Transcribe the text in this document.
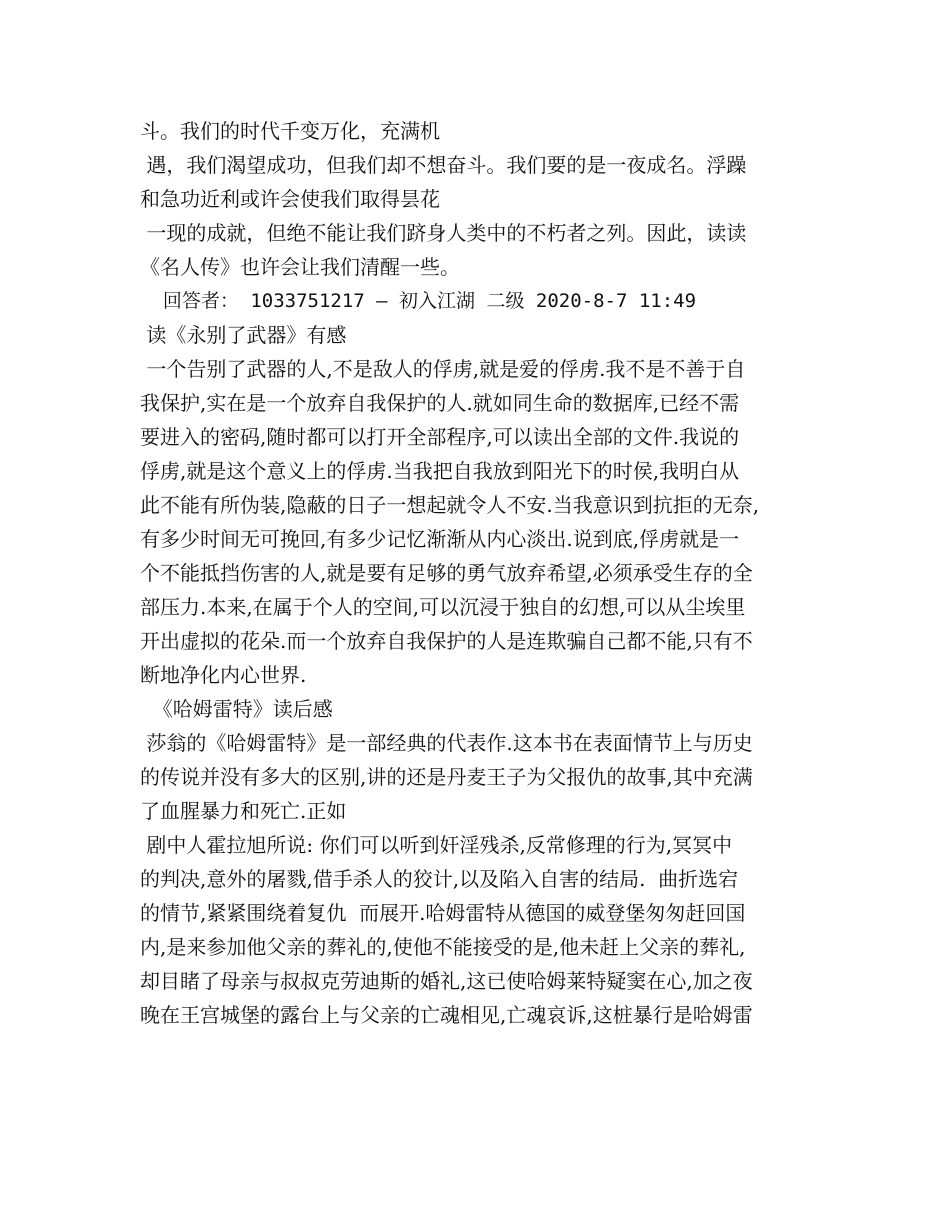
斗。我们的时代千变万化，充满机
遇，我们渴望成功，但我们却不想奋斗。我们要的是一夜成名。浮躁
和急功近利或许会使我们取得昙花
一现的成就，但绝不能让我们跻身人类中的不朽者之列。因此，读读
《名人传》也许会让我们清醒一些。
回答者： 1033751217 – 初入江湖 二级 2020-8-7 11:49
读《永别了武器》有感
一个告别了武器的人,不是敌人的俘虏,就是爱的俘虏.我不是不善于自
我保护,实在是一个放弃自我保护的人.就如同生命的数据库,已经不需
要进入的密码,随时都可以打开全部程序,可以读出全部的文件.我说的
俘虏,就是这个意义上的俘虏.当我把自我放到阳光下的时侯,我明白从
此不能有所伪装,隐蔽的日子一想起就令人不安.当我意识到抗拒的无奈,
有多少时间无可挽回,有多少记忆渐渐从内心淡出.说到底,俘虏就是一
个不能抵挡伤害的人,就是要有足够的勇气放弃希望,必须承受生存的全
部压力.本来,在属于个人的空间,可以沉浸于独自的幻想,可以从尘埃里
开出虚拟的花朵.而一个放弃自我保护的人是连欺骗自己都不能,只有不
断地净化内心世界.
《哈姆雷特》读后感
莎翁的《哈姆雷特》是一部经典的代表作.这本书在表面情节上与历史
的传说并没有多大的区别,讲的还是丹麦王子为父报仇的故事,其中充满
了血腥暴力和死亡.正如
剧中人霍拉旭所说: 你们可以听到奸淫残杀,反常修理的行为,冥冥中
的判决,意外的屠戮,借手杀人的狡计,以及陷入自害的结局.  曲折选宕
的情节,紧紧围绕着复仇  而展开.哈姆雷特从德国的威登堡匆匆赶回国
内,是来参加他父亲的葬礼的,使他不能接受的是,他未赶上父亲的葬礼,
却目睹了母亲与叔叔克劳迪斯的婚礼,这已使哈姆莱特疑窦在心,加之夜
晚在王宫城堡的露台上与父亲的亡魂相见,亡魂哀诉,这桩暴行是哈姆雷
